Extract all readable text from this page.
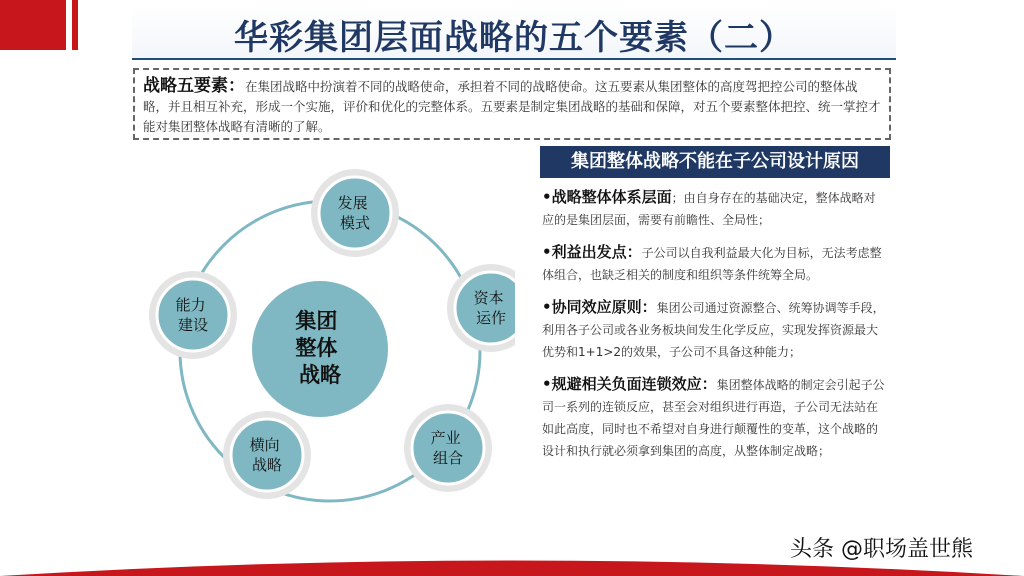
华彩集团层面战略的五个要素（二）
战略五要素：在集团战略中扮演着不同的战略使命，承担着不同的战略使命。这五要素从集团整体的高度驾把控公司的整体战略，并且相互补充，形成一个实施，评价和优化的完整体系。五要素是制定集团战略的基础和保障，对五个要素整体把控、统一掌控才能对集团整体战略有清晰的了解。
集团 整体 战略
发展 模式
资本 运作
产业 组合
横向 战略
能力 建设
集团整体战略不能在子公司设计原因
•战略整体体系层面；由自身存在的基础决定，整体战略对应的是集团层面，需要有前瞻性、全局性；
•利益出发点：子公司以自我利益最大化为目标，无法考虑整体组合，也缺乏相关的制度和组织等条件统筹全局。
•协同效应原则：集团公司通过资源整合、统筹协调等手段，利用各子公司或各业务板块间发生化学反应，实现发挥资源最大优势和1+1>2的效果，子公司不具备这种能力；
•规避相关负面连锁效应：集团整体战略的制定会引起子公司一系列的连锁反应，甚至会对组织进行再造，子公司无法站在如此高度，同时也不希望对自身进行颠覆性的变革，这个战略的设计和执行就必须拿到集团的高度，从整体制定战略；
头条 @职场盖世熊
